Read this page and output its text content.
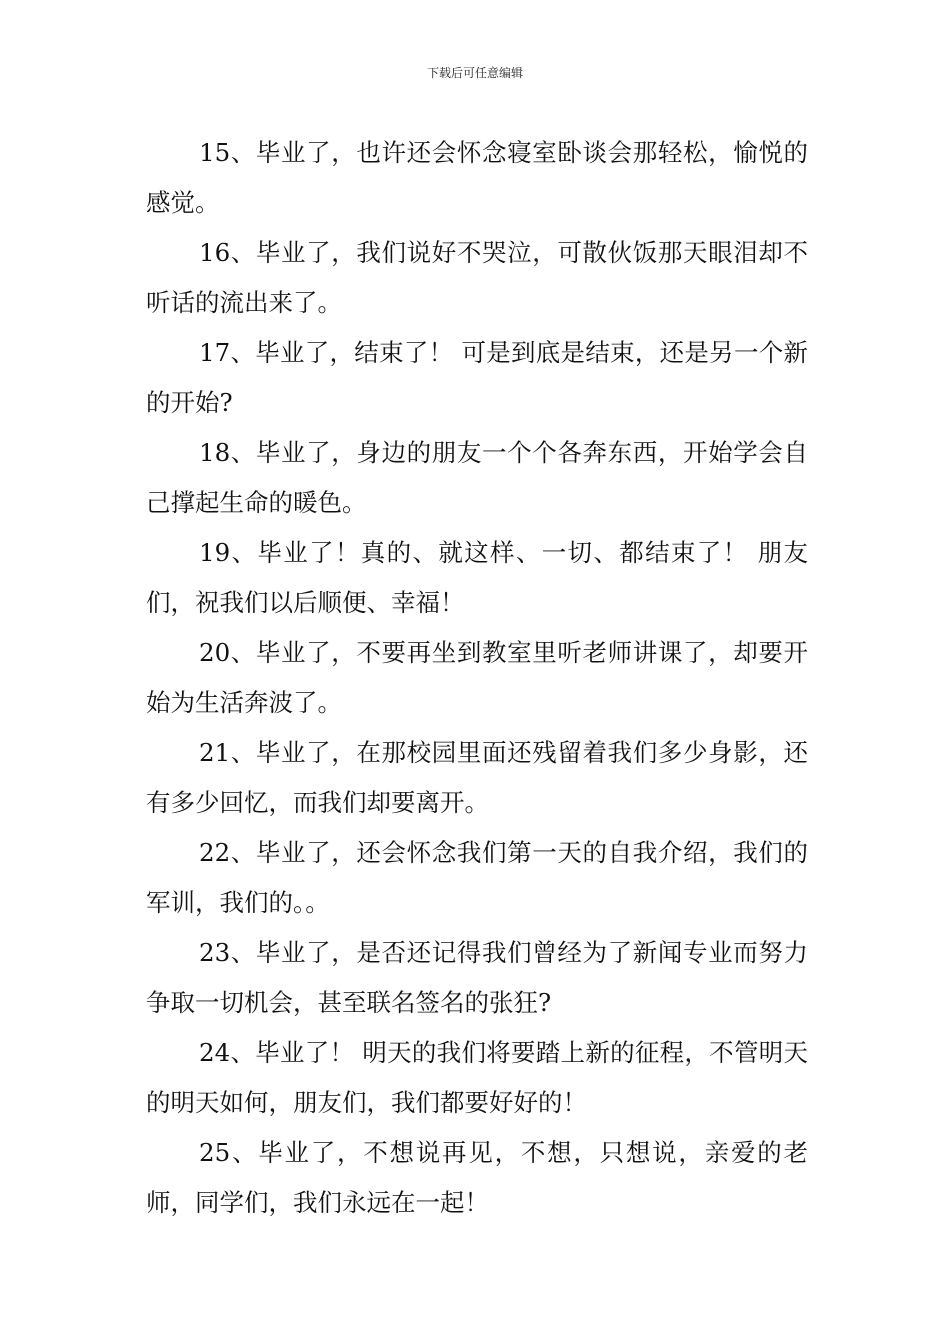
下载后可任意编辑

15、毕业了，也许还会怀念寝室卧谈会那轻松，愉悦的感觉。

16、毕业了，我们说好不哭泣，可散伙饭那天眼泪却不听话的流出来了。

17、毕业了，结束了！ 可是到底是结束，还是另一个新的开始?

18、毕业了，身边的朋友一个个各奔东西，开始学会自己撑起生命的暖色。

19、毕业了！真的、就这样、一切、都结束了！ 朋友们，祝我们以后顺便、幸福！

20、毕业了，不要再坐到教室里听老师讲课了，却要开始为生活奔波了。

21、毕业了，在那校园里面还残留着我们多少身影，还有多少回忆，而我们却要离开。

22、毕业了，还会怀念我们第一天的自我介绍，我们的军训，我们的。。

23、毕业了，是否还记得我们曾经为了新闻专业而努力争取一切机会，甚至联名签名的张狂?

24、毕业了！ 明天的我们将要踏上新的征程，不管明天的明天如何，朋友们，我们都要好好的！

25、毕业了，不想说再见，不想，只想说，亲爱的老师，同学们，我们永远在一起！
